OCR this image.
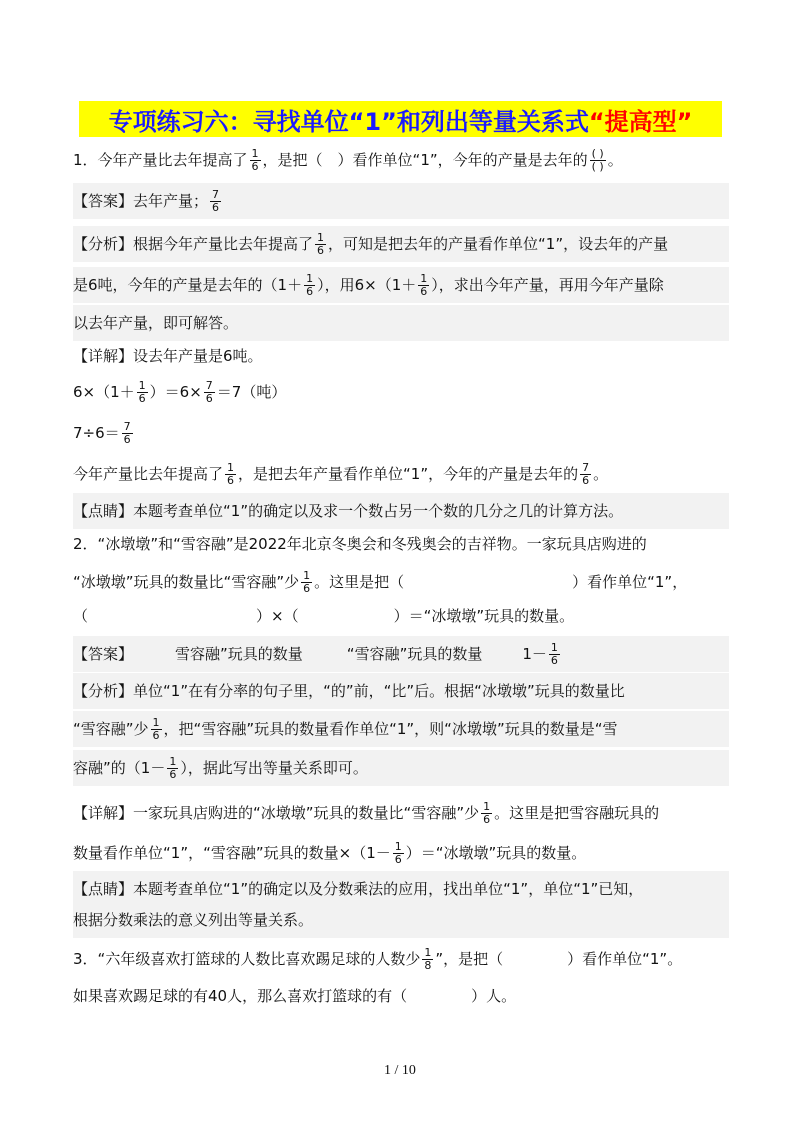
专项练习六：寻找单位“1”和列出等量关系式 “提高型”
1．今年产量比去年提高了 $\frac{1}{6}$ ，是把（　）看作单位“1”，今年的产量是去年的 $\frac{( )}{( )}$ 。
【答案】 去年产量； $\frac{7}{6}$
【分析】 根据今年产量比去年提高了 $\frac{1}{6}$ ，可知是把去年的产量看作单位“1”，设去年的产量
是6吨，今年的产量是去年的（$1+ \frac{1}{6}$ ），用$6\times(1+ \frac{1}{6}$ ），求出今年产量，再用今年产量除
以去年产量，即可解答。
【详解】 设去年产量是6吨。
$6\times(1+ \frac{1}{6} )=6\times \frac{7}{6} =7$（吨）
$7\div 6= \frac{7}{6}$
今年产量比去年提高了 $\frac{1}{6}$ ，是把去年产量看作单位“1”，今年的产量是去年的 $\frac{7}{6}$ 。
【点睛】 本题考查单位“1”的确定以及求一个数占另一个数的几分之几的计算方法。
2．“冰墩墩”和“雪容融”是2022年北京冬奥会和冬残奥会的吉祥物。一家玩具店购进的
“冰墩墩”玩具的数量比“雪容融”少 $\frac{1}{6}$ 。这里是把（	）看作单位“1”，
（	）×（	）＝“冰墩墩”玩具的数量。
【答案】	雪容融”玩具的数量	“雪容融”玩具的数量	$1- \frac{1}{6}$
【分析】 单位“1”在有分率的句子里，“的”前，“比”后。根据“冰墩墩”玩具的数量比
“雪容融”少 $\frac{1}{6}$ ，把“雪容融”玩具的数量看作单位“1”，则“冰墩墩”玩具的数量是“雪
容融”的（$1- \frac{1}{6}$ ），据此写出等量关系即可。
【详解】 一家玩具店购进的“冰墩墩”玩具的数量比“雪容融”少 $\frac{1}{6}$ 。这里是把雪容融玩具的
数量看作单位“1”，“雪容融”玩具的数量$\times(1- \frac{1}{6}$ ）＝“冰墩墩”玩具的数量。
【点睛】 本题考查单位“1”的确定以及分数乘法的应用，找出单位“1”，单位“1”已知，
根据分数乘法的意义列出等量关系。
3．“六年级喜欢打篮球的人数比喜欢踢足球的人数少 $\frac{1}{8}$ ”，是把（	）看作单位“1”。
如果喜欢踢足球的有40人，那么喜欢打篮球的有（	）人。
1 / 10
